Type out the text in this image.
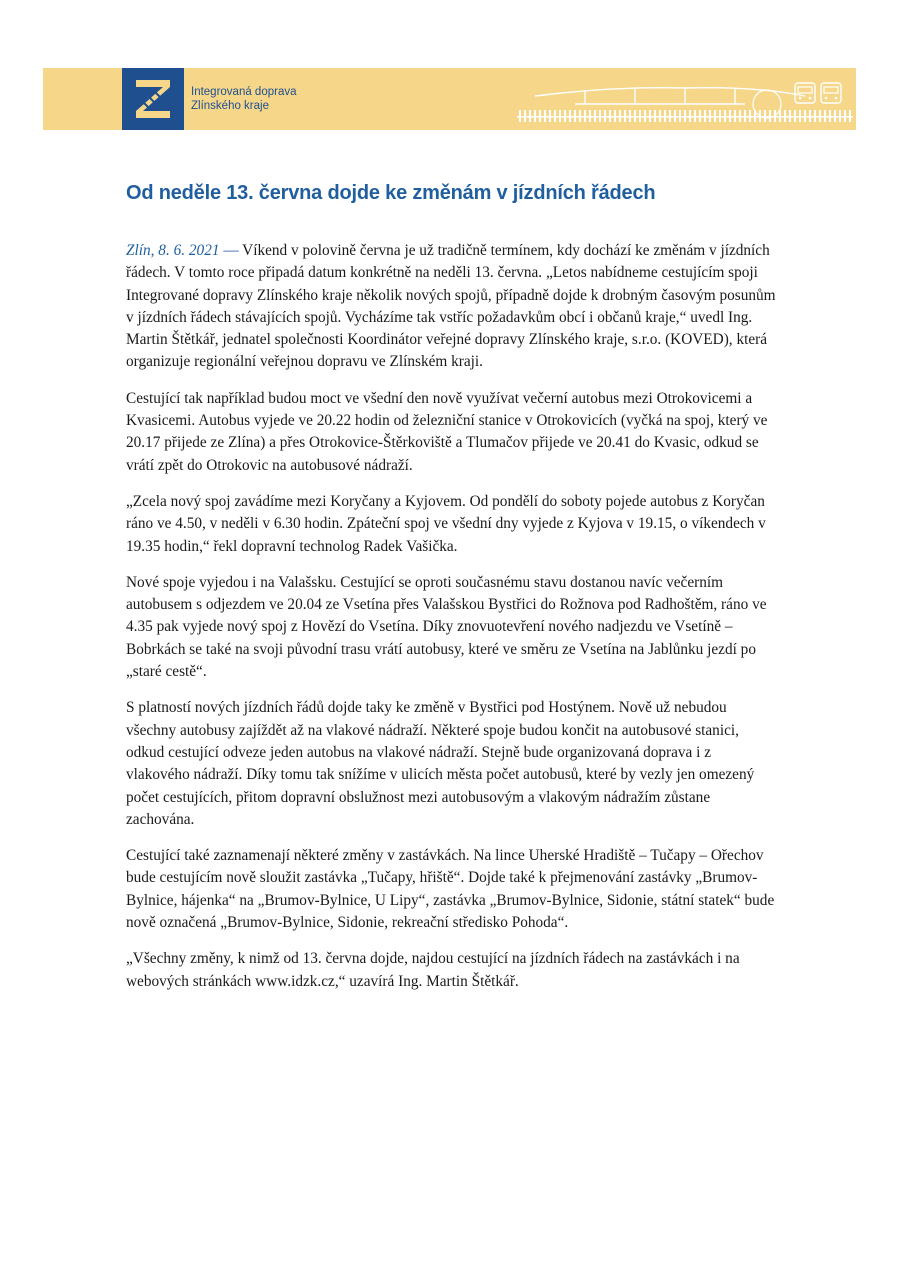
Integrovaná doprava
Zlínského kraje
Od neděle 13. června dojde ke změnám v jízdních řádech

Zlín, 8. 6. 2021 — Víkend v polovině června je už tradičně termínem, kdy dochází ke změnám v jízdních řádech. V tomto roce připadá datum konkrétně na neděli 13. června. „Letos nabídneme cestujícím spoji Integrované dopravy Zlínského kraje několik nových spojů, případně dojde k drobným časovým posunům v jízdních řádech stávajících spojů. Vycházíme tak vstříc požadavkům obcí i občanů kraje,“ uvedl Ing. Martin Štětkář, jednatel společnosti Koordinátor veřejné dopravy Zlínského kraje, s.r.o. (KOVED), která organizuje regionální veřejnou dopravu ve Zlínském kraji.

Cestující tak například budou moct ve všední den nově využívat večerní autobus mezi Otrokovicemi a Kvasicemi. Autobus vyjede ve 20.22 hodin od železniční stanice v Otrokovicích (vyčká na spoj, který ve 20.17 přijede ze Zlína) a přes Otrokovice-Štěrkoviště a Tlumačov přijede ve 20.41 do Kvasic, odkud se vrátí zpět do Otrokovic na autobusové nádraží.

„Zcela nový spoj zavádíme mezi Koryčany a Kyjovem. Od pondělí do soboty pojede autobus z Koryčan ráno ve 4.50, v neděli v 6.30 hodin. Zpáteční spoj ve všední dny vyjede z Kyjova v 19.15, o víkendech v 19.35 hodin,“ řekl dopravní technolog Radek Vašička.

Nové spoje vyjedou i na Valašsku. Cestující se oproti současnému stavu dostanou navíc večerním autobusem s odjezdem ve 20.04 ze Vsetína přes Valašskou Bystřici do Rožnova pod Radhoštěm, ráno ve 4.35 pak vyjede nový spoj z Hovězí do Vsetína. Díky znovuotevření nového nadjezdu ve Vsetíně – Bobrkách se také na svoji původní trasu vrátí autobusy, které ve směru ze Vsetína na Jablůnku jezdí po „staré cestě“.

S platností nových jízdních řádů dojde taky ke změně v Bystřici pod Hostýnem. Nově už nebudou všechny autobusy zajíždět až na vlakové nádraží. Některé spoje budou končit na autobusové stanici, odkud cestující odveze jeden autobus na vlakové nádraží. Stejně bude organizovaná doprava i z vlakového nádraží. Díky tomu tak snížíme v ulicích města počet autobusů, které by vezly jen omezený počet cestujících, přitom dopravní obslužnost mezi autobusovým a vlakovým nádražím zůstane zachována.

Cestující také zaznamenají některé změny v zastávkách. Na lince Uherské Hradiště – Tučapy – Ořechov bude cestujícím nově sloužit zastávka „Tučapy, hřiště“. Dojde také k přejmenování zastávky „Brumov-Bylnice, hájenka“ na „Brumov-Bylnice, U Lipy“, zastávka „Brumov-Bylnice, Sidonie, státní statek“ bude nově označená „Brumov-Bylnice, Sidonie, rekreační středisko Pohoda“.

„Všechny změny, k nimž od 13. června dojde, najdou cestující na jízdních řádech na zastávkách i na webových stránkách www.idzk.cz,“ uzavírá Ing. Martin Štětkář.
